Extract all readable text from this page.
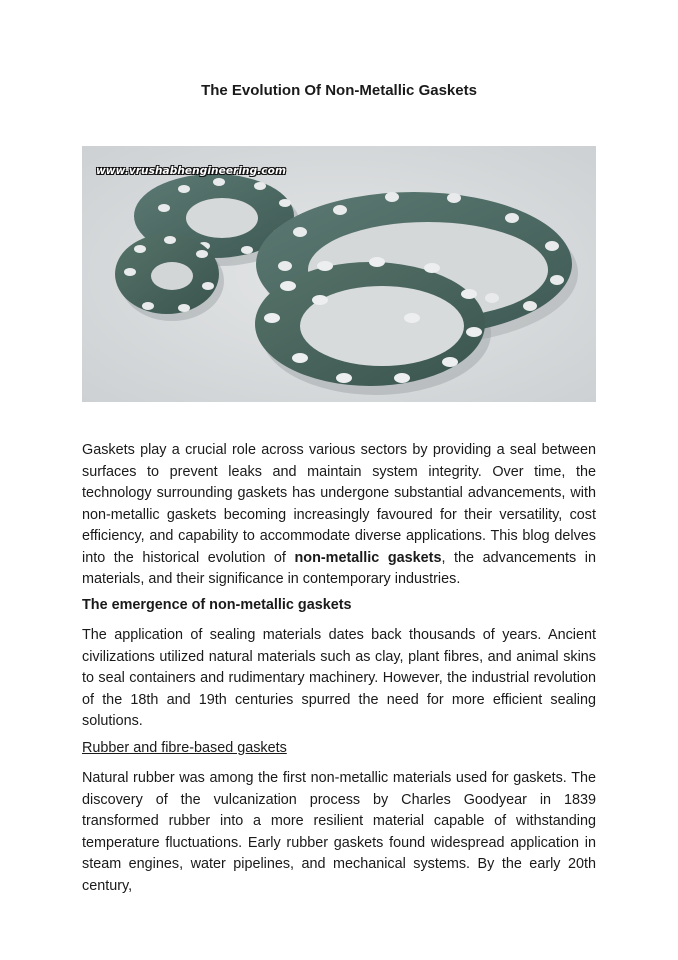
The Evolution Of Non-Metallic Gaskets
www.vrushabhengineering.com

Gaskets play a crucial role across various sectors by providing a seal between surfaces to prevent leaks and maintain system integrity. Over time, the technology surrounding gaskets has undergone substantial advancements, with non-metallic gaskets becoming increasingly favoured for their versatility, cost efficiency, and capability to accommodate diverse applications. This blog delves into the historical evolution of non-metallic gaskets, the advancements in materials, and their significance in contemporary industries.

The emergence of non-metallic gaskets

The application of sealing materials dates back thousands of years. Ancient civilizations utilized natural materials such as clay, plant fibres, and animal skins to seal containers and rudimentary machinery. However, the industrial revolution of the 18th and 19th centuries spurred the need for more efficient sealing solutions.

Rubber and fibre-based gaskets

Natural rubber was among the first non-metallic materials used for gaskets. The discovery of the vulcanization process by Charles Goodyear in 1839 transformed rubber into a more resilient material capable of withstanding temperature fluctuations. Early rubber gaskets found widespread application in steam engines, water pipelines, and mechanical systems. By the early 20th century,
